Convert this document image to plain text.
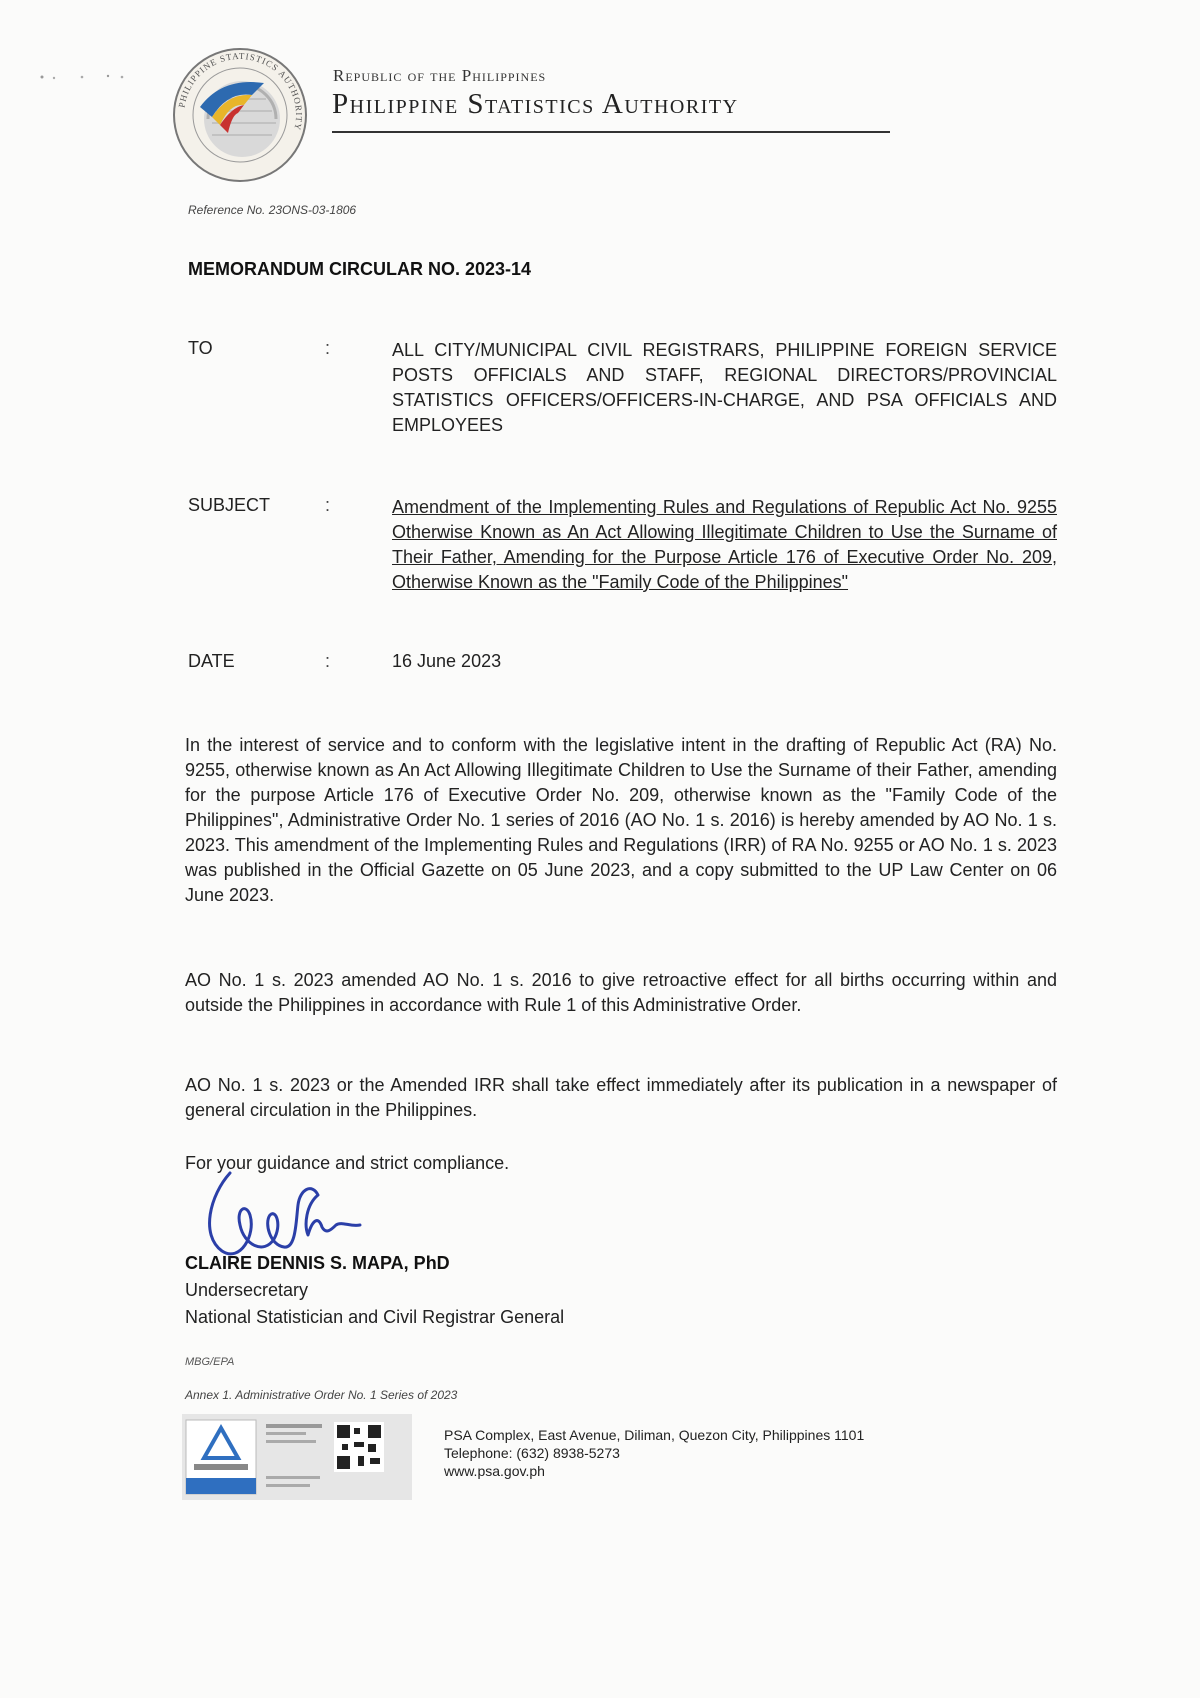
PHILIPPINE STATISTICS AUTHORITY
Republic of the Philippines
Philippine Statistics Authority
Reference No. 23ONS-03-1806
MEMORANDUM CIRCULAR NO. 2023-14
TO	:	ALL CITY/MUNICIPAL CIVIL REGISTRARS, PHILIPPINE FOREIGN SERVICE POSTS OFFICIALS AND STAFF, REGIONAL DIRECTORS/PROVINCIAL STATISTICS OFFICERS/OFFICERS-IN-CHARGE, AND PSA OFFICIALS AND EMPLOYEES
SUBJECT	:	Amendment of the Implementing Rules and Regulations of Republic Act No. 9255 Otherwise Known as An Act Allowing Illegitimate Children to Use the Surname of Their Father, Amending for the Purpose Article 176 of Executive Order No. 209, Otherwise Known as the "Family Code of the Philippines"
DATE	:	16 June 2023
In the interest of service and to conform with the legislative intent in the drafting of Republic Act (RA) No. 9255, otherwise known as An Act Allowing Illegitimate Children to Use the Surname of their Father, amending for the purpose Article 176 of Executive Order No. 209, otherwise known as the "Family Code of the Philippines", Administrative Order No. 1 series of 2016 (AO No. 1 s. 2016) is hereby amended by AO No. 1 s. 2023. This amendment of the Implementing Rules and Regulations (IRR) of RA No. 9255 or AO No. 1 s. 2023 was published in the Official Gazette on 05 June 2023, and a copy submitted to the UP Law Center on 06 June 2023.
AO No. 1 s. 2023 amended AO No. 1 s. 2016 to give retroactive effect for all births occurring within and outside the Philippines in accordance with Rule 1 of this Administrative Order.
AO No. 1 s. 2023 or the Amended IRR shall take effect immediately after its publication in a newspaper of general circulation in the Philippines.
For your guidance and strict compliance.
CLAIRE DENNIS S. MAPA, PhD
Undersecretary
National Statistician and Civil Registrar General
MBG/EPA
Annex 1. Administrative Order No. 1 Series of 2023
PSA Complex, East Avenue, Diliman, Quezon City, Philippines 1101
Telephone: (632) 8938-5273
www.psa.gov.ph
